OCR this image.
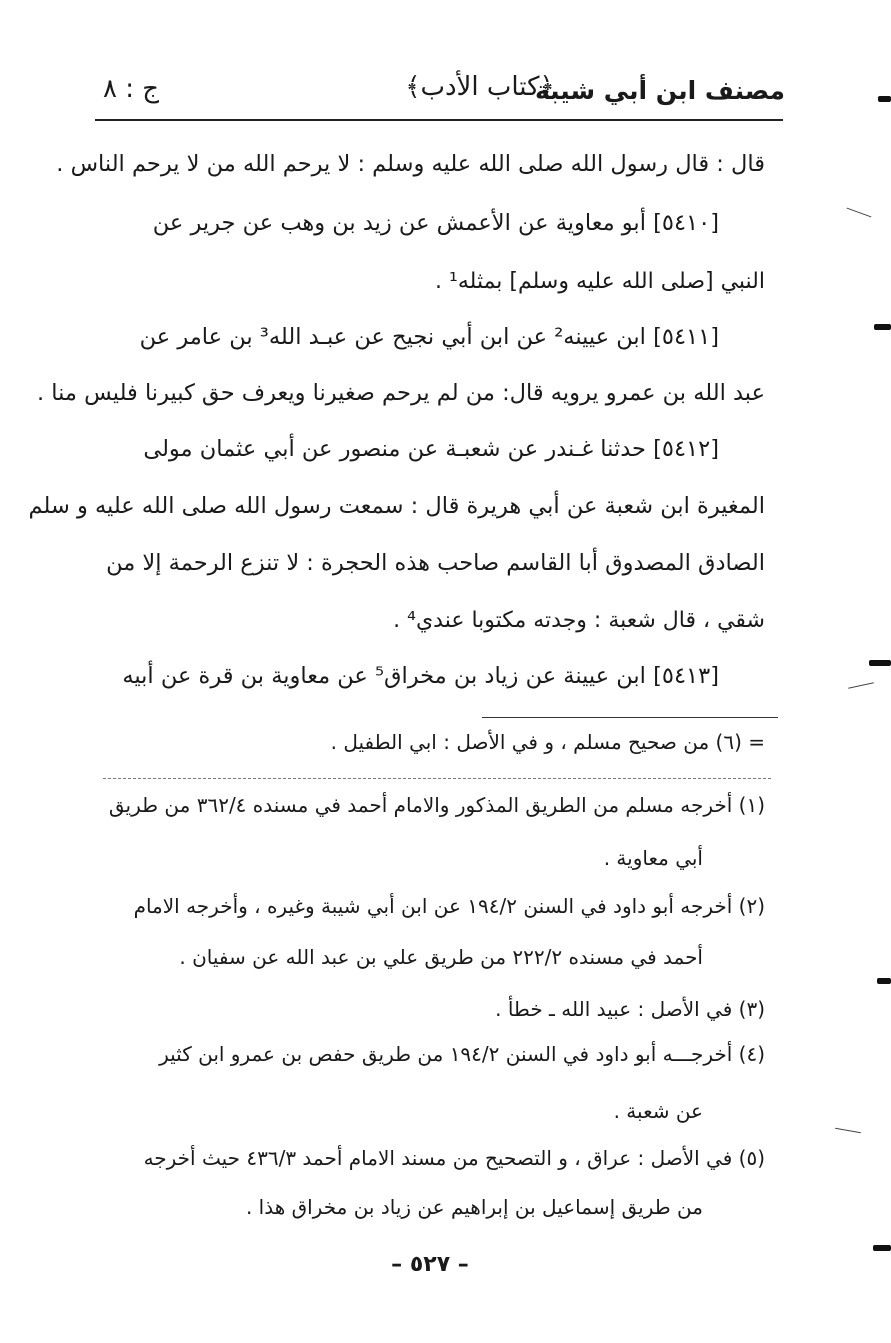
مصنف ابن أبي شيبة
﴿كتاب الأدب﴾
ج : ٨
قال : قال رسول الله صلى الله عليه وسلم : لا يرحم الله من لا يرحم الناس .
[٥٤١٠] أبو معاوية عن الأعمش عن زيد بن وهب عن جرير عن
النبي [صلى الله عليه وسلم] بمثله¹ .
[٥٤١١] ابن عيينه² عن ابن أبي نجيح عن عبـد الله³ بن عامر عن
عبد الله بن عمرو يرويه قال: من لم يرحم صغيرنا ويعرف حق كبيرنا فليس منا .
[٥٤١٢] حدثنا غـندر عن شعبـة عن منصور عن أبي عثمان مولى
المغيرة ابن شعبة عن أبي هريرة قال : سمعت رسول الله صلى الله عليه و سلم
الصادق المصدوق أبا القاسم صاحب هذه الحجرة : لا تنزع الرحمة إلا من
شقي ، قال شعبة : وجدته مكتوبا عندي⁴ .
[٥٤١٣] ابن عيينة عن زياد بن مخراق⁵ عن معاوية بن قرة عن أبيه
= (٦) من صحيح مسلم ، و في الأصل : ابي الطفيل .
(١) أخرجه مسلم من الطريق المذكور والامام أحمد في مسنده ٣٦٢/٤ من طريق
أبي معاوية .
(٢) أخرجه أبو داود في السنن ١٩٤/٢ عن ابن أبي شيبة وغيره ، وأخرجه الامام
أحمد في مسنده ٢٢٢/٢ من طريق علي بن عبد الله عن سفيان .
(٣) في الأصل : عبيد الله ـ خطأ .
(٤) أخرجـــه أبو داود في السنن ١٩٤/٢ من طريق حفص بن عمرو ابن كثير
عن شعبة .
(٥) في الأصل : عراق ، و التصحيح من مسند الامام أحمد ٤٣٦/٣ حيث أخرجه
من طريق إسماعيل بن إبراهيم عن زياد بن مخراق هذا .
– ٥٢٧ –
